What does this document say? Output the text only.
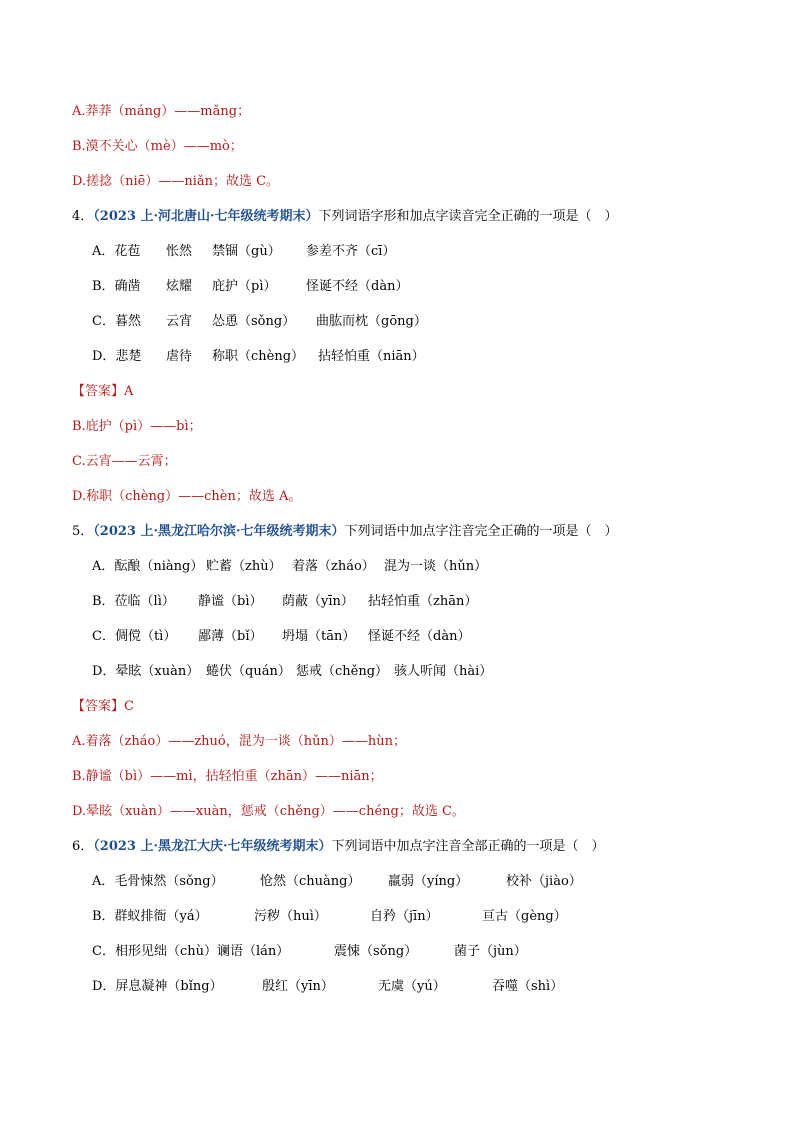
A.莽莽（máng）——mǎng；
B.漠不关心（mè）——mò；
D.搓捻（niē）——niǎn；故选 C。
4．（2023 上·河北唐山·七年级统考期末）下列词语字形和加点字读音完全正确的一项是（　）
A．花苞 怅然 禁锢（gù） 参差不齐（cī）
B．确凿 炫耀 庇护（pì） 怪诞不经（dàn）
C．暮然 云宵 怂恿（sǒng） 曲肱而枕（gōng）
D．悲楚 虐待 称职（chèng） 拈轻怕重（niān）
【答案】A
B.庇护（pì）——bì；
C.云宵——云霄；
D.称职（chèng）——chèn；故选 A。
5．（2023 上·黑龙江哈尔滨·七年级统考期末）下列词语中加点字注音完全正确的一项是（　）
A．酝酿（niàng） 贮蓄（zhù） 着落（zháo） 混为一谈（hǔn）
B．莅临（lì） 静谧（bì） 荫蔽（yīn） 拈轻怕重（zhān）
C．倜傥（tì） 鄙薄（bǐ） 坍塌（tān） 怪诞不经（dàn）
D．晕眩（xuàn） 蜷伏（quán） 惩戒（chěng） 骇人听闻（hài）
【答案】C
A.着落（zháo）——zhuó，混为一谈（hǔn）——hùn；
B.静谧（bì）——mì，拈轻怕重（zhān）——niān；
D.晕眩（xuàn）——xuàn，惩戒（chěng）——chéng；故选 C。
6．（2023 上·黑龙江大庆·七年级统考期末）下列词语中加点字注音全部正确的一项是（　）
A．毛骨悚然（sǒng）	怆然（chuàng） 羸弱（yíng）	校补（jiào）
B．群蚁排衙（yá）	污秽（huì）	自矜（jīn）	亘古（gèng）
C．相形见绌（chù）谰语（lán）	震悚（sǒng）	菌子（jùn）
D．屏息凝神（bǐng）	殷红（yīn）	无虞（yú）	吞噬（shì）
